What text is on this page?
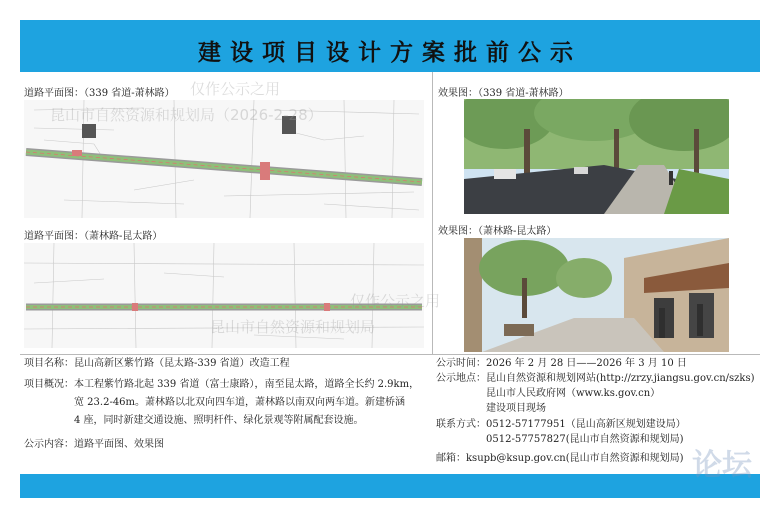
建设项目设计方案批前公示
道路平面图：（339 省道-萧林路）
道路平面图：（萧林路-昆太路）
效果图：（339 省道-萧林路）
效果图：（萧林路-昆太路）
项目名称：昆山高新区紫竹路（昆太路-339 省道）改造工程
项目概况：本工程紫竹路北起 339 省道（富士康路），南至昆太路，道路全长约 2.9km，
宽 23.2-46m。萧林路以北双向四车道，萧林路以南双向两车道。新建桥涵
4 座，同时新建交通设施、照明杆件、绿化景观等附属配套设施。
公示内容：道路平面图、效果图
公示时间：2026 年 2 月 28 日——2026 年 3 月 10 日
公示地点：昆山自然资源和规划网站(http://zrzy.jiangsu.gov.cn/szks)
昆山市人民政府网（www.ks.gov.cn）
建设项目现场
联系方式：0512-57177951（昆山高新区规划建设局）
0512-57757827(昆山市自然资源和规划局)
邮箱：ksupb@ksup.gov.cn(昆山市自然资源和规划局)
仅作公示之用
昆山市自然资源和规划局（2026-2-28）
仅作公示之用
昆山市自然资源和规划局
论坛
